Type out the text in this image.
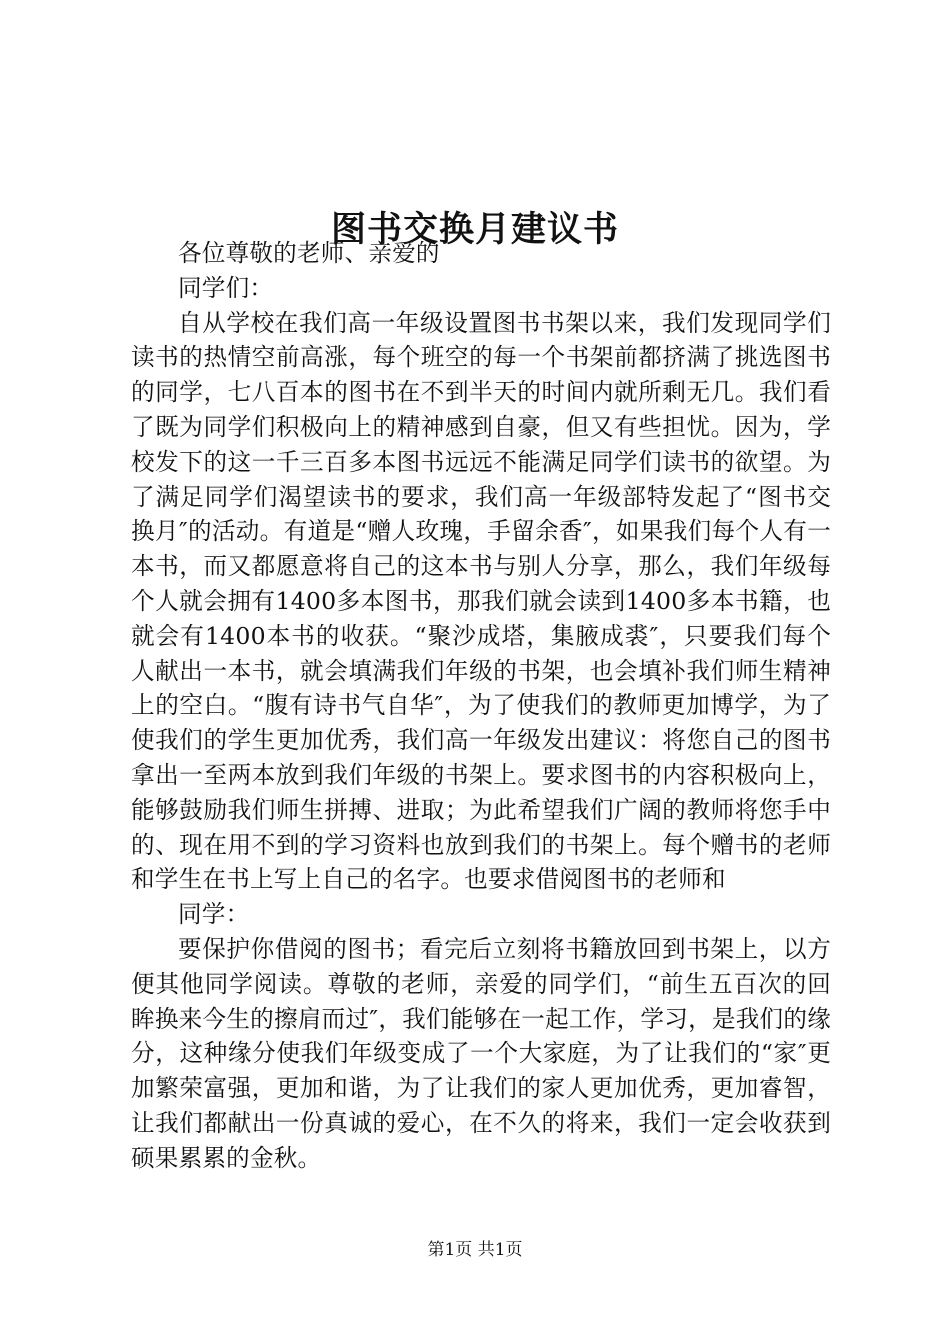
图书交换月建议书

各位尊敬的老师、亲爱的

同学们：

自从学校在我们高一年级设置图书书架以来，我们发现同学们读书的热情空前高涨，每个班空的每一个书架前都挤满了挑选图书的同学，七八百本的图书在不到半天的时间内就所剩无几。我们看了既为同学们积极向上的精神感到自豪，但又有些担忧。因为，学校发下的这一千三百多本图书远远不能满足同学们读书的欲望。为了满足同学们渴望读书的要求，我们高一年级部特发起了“图书交换月″的活动。有道是“赠人玫瑰，手留余香″，如果我们每个人有一本书，而又都愿意将自己的这本书与别人分享，那么，我们年级每个人就会拥有1400多本图书，那我们就会读到1400多本书籍，也就会有1400本书的收获。“聚沙成塔，集腋成裘″，只要我们每个人献出一本书，就会填满我们年级的书架，也会填补我们师生精神上的空白。“腹有诗书气自华″，为了使我们的教师更加博学，为了使我们的学生更加优秀，我们高一年级发出建议：将您自己的图书拿出一至两本放到我们年级的书架上。要求图书的内容积极向上，能够鼓励我们师生拼搏、进取；为此希望我们广阔的教师将您手中的、现在用不到的学习资料也放到我们的书架上。每个赠书的老师和学生在书上写上自己的名字。也要求借阅图书的老师和

同学：

要保护你借阅的图书；看完后立刻将书籍放回到书架上，以方便其他同学阅读。尊敬的老师，亲爱的同学们，“前生五百次的回眸换来今生的擦肩而过″，我们能够在一起工作，学习，是我们的缘分，这种缘分使我们年级变成了一个大家庭，为了让我们的“家″更加繁荣富强，更加和谐，为了让我们的家人更加优秀，更加睿智，让我们都献出一份真诚的爱心，在不久的将来，我们一定会收获到硕果累累的金秋。

第1页 共1页
